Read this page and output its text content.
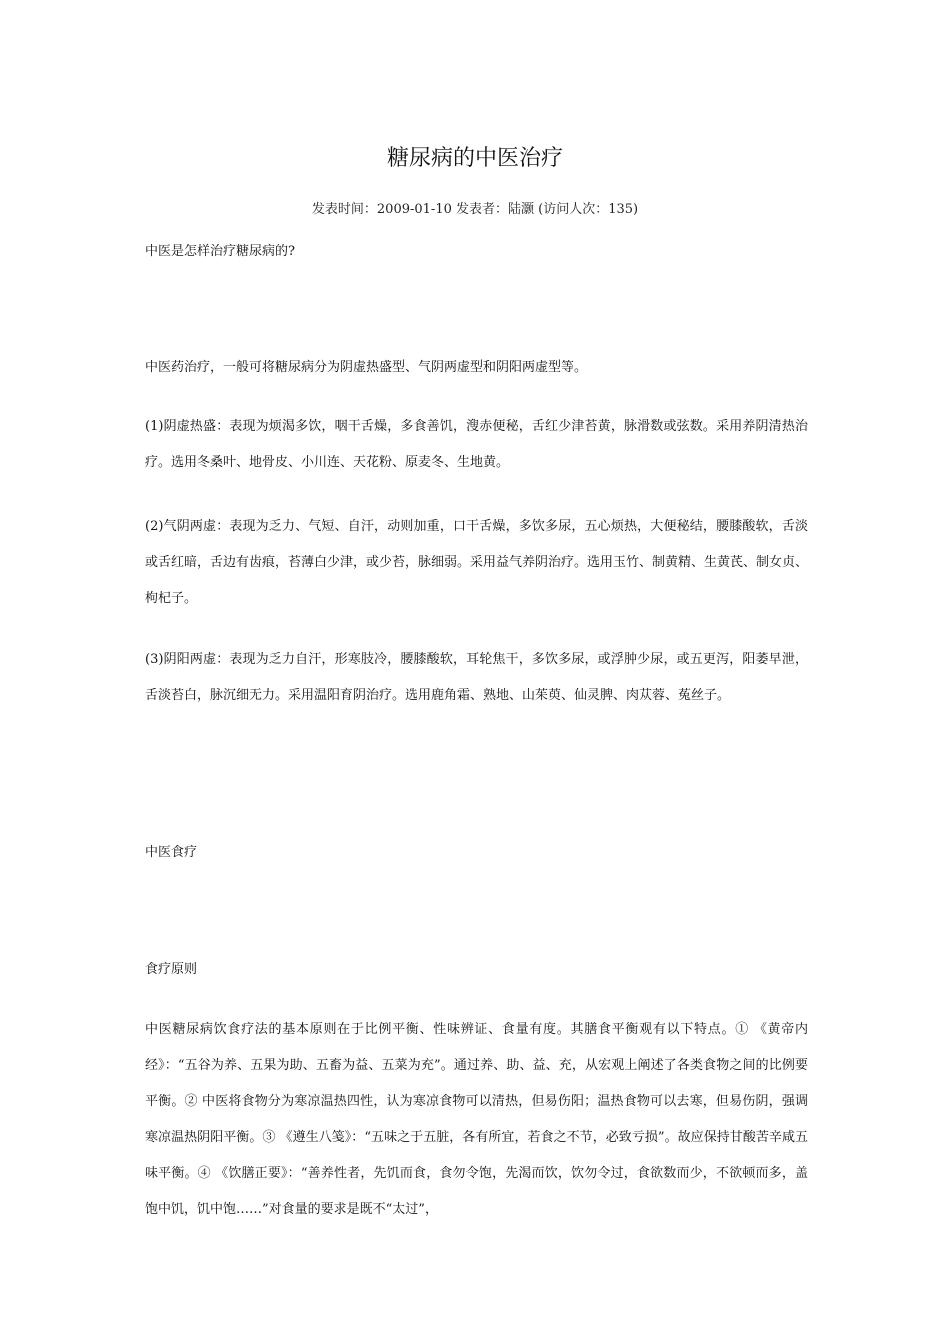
糖尿病的中医治疗
发表时间：2009-01-10 发表者：陆灏 (访问人次：135)

中医是怎样治疗糖尿病的?

中医药治疗，一般可将糖尿病分为阴虚热盛型、气阴两虚型和阴阳两虚型等。

(1)阴虚热盛：表现为烦渴多饮，咽干舌燥，多食善饥，溲赤便秘，舌红少津苔黄，脉滑数或弦数。采用养阴清热治疗。选用冬桑叶、地骨皮、小川连、天花粉、原麦冬、生地黄。

(2)气阴两虚：表现为乏力、气短、自汗，动则加重，口干舌燥，多饮多尿，五心烦热，大便秘结，腰膝酸软，舌淡或舌红暗，舌边有齿痕，苔薄白少津，或少苔，脉细弱。采用益气养阴治疗。选用玉竹、制黄精、生黄芪、制女贞、枸杞子。

(3)阴阳两虚：表现为乏力自汗，形寒肢冷，腰膝酸软，耳轮焦干，多饮多尿，或浮肿少尿，或五更泻，阳萎早泄，舌淡苔白，脉沉细无力。采用温阳育阴治疗。选用鹿角霜、熟地、山茱萸、仙灵脾、肉苁蓉、菟丝子。

中医食疗

食疗原则

中医糖尿病饮食疗法的基本原则在于比例平衡、性味辨证、食量有度。其膳食平衡观有以下特点。① 《黄帝内经》：“五谷为养、五果为助、五畜为益、五菜为充”。通过养、助、益、充，从宏观上阐述了各类食物之间的比例要平衡。② 中医将食物分为寒凉温热四性，认为寒凉食物可以清热，但易伤阳；温热食物可以去寒，但易伤阴，强调寒凉温热阴阳平衡。③ 《遵生八笺》：“五味之于五脏，各有所宜，若食之不节，必致亏损”。故应保持甘酸苦辛咸五味平衡。④ 《饮膳正要》：“善养性者，先饥而食，食勿令饱，先渴而饮，饮勿令过，食欲数而少，不欲顿而多，盖饱中饥，饥中饱……”对食量的要求是既不“太过”，
